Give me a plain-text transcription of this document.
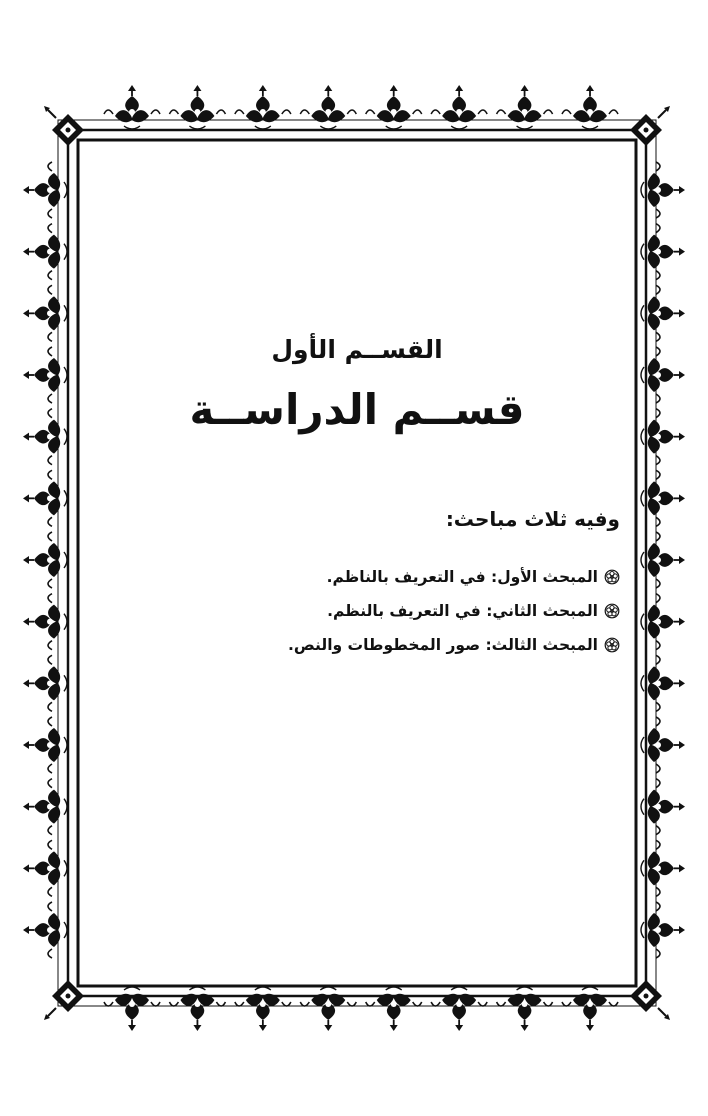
القســم الأول
قســم الدراســة
وفيه ثلاث مباحث:
المبحث الأول: في التعريف بالناظم.
المبحث الثاني: في التعريف بالنظم.
المبحث الثالث: صور المخطوطات والنص.
